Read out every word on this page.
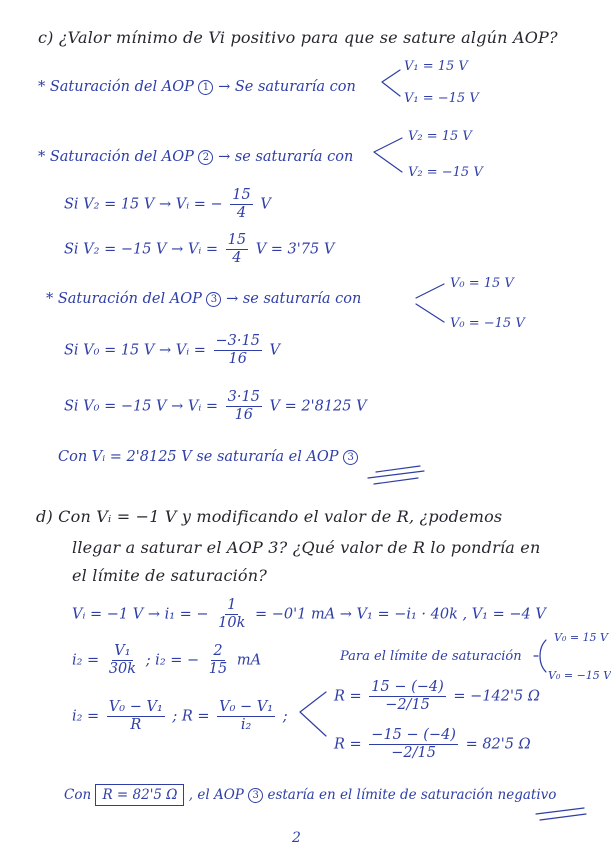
c) ¿Valor mínimo de Vi positivo para que se sature algún AOP?
* Saturación del AOP 1 → Se saturaría con
V₁ = 15 V
V₁ = −15 V
* Saturación del AOP 2 → se saturaría con
V₂ = 15 V
V₂ = −15 V
Si V₂ = 15 V → Vᵢ = − $\frac{15}{4}$ V
Si V₂ = −15 V → Vᵢ = $\frac{15}{4}$ V = 3'75 V
* Saturación del AOP 3 → se saturaría con
V₀ = 15 V
V₀ = −15 V
Si V₀ = 15 V → Vᵢ = $\frac{-3\cdot 15}{16}$ V
Si V₀ = −15 V → Vᵢ = $\frac{3\cdot 15}{16}$ V = 2'8125 V
Con Vᵢ = 2'8125 V se saturaría el AOP 3
d) Con Vᵢ = −1 V y modificando el valor de R, ¿podemos
llegar a saturar el AOP 3? ¿Qué valor de R lo pondría en
el límite de saturación?
Vᵢ = −1 V → i₁ = − $\frac{1}{10k} = -0'1$ mA → V₁ = −i₁ · 40k , V₁ = −4 V
$i_2 = \frac{\text{V₁}}{30k}$ ; i₂ = − $\frac{2}{15}$ mA	Para el límite de saturación
V₀ = 15 V
V₀ = −15 V
$i_2 = \frac{\text{V₀ − V₁}}{R}$ ; $R = \frac{\text{V₀ − V₁}}{\text{i₂}}$ ;
$R = \frac{15 - (-4)}{-2/15} = -142'5$ Ω
$R = \frac{-15 - (-4)}{-2/15} = 82'5$ Ω
Con R = 82'5 Ω , el AOP 3 estaría en el límite de saturación negativo
2
